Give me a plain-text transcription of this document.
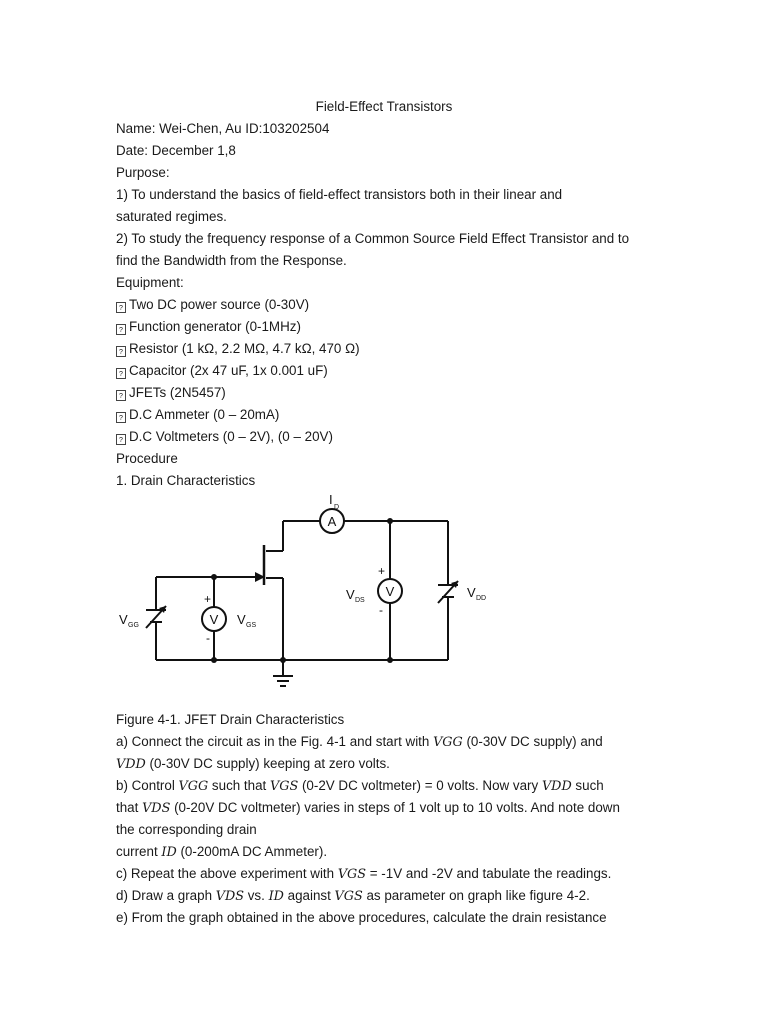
Field-Effect Transistors
Name: Wei-Chen, Au ID:103202504
Date: December 1,8
Purpose:
1) To understand the basics of field-effect transistors both in their linear and
saturated regimes.
2) To study the frequency response of a Common Source Field Effect Transistor and to
find the Bandwidth from the Response.
Equipment:
? Two DC power source (0-30V)
? Function generator (0-1MHz)
? Resistor (1 kΩ, 2.2 MΩ, 4.7 kΩ, 470 Ω)
? Capacitor (2x 47 uF, 1x 0.001 uF)
? JFETs (2N5457)
? D.C Ammeter (0 – 20mA)
? D.C Voltmeters (0 – 2V), (0 – 20V)
Procedure
1. Drain Characteristics
A
V
V
I
D
V DS
V DD
V GG	V GS
+
-
+
-
Figure 4-1. JFET Drain Characteristics
a) Connect the circuit as in the Fig. 4-1 and start with VGG (0-30V DC supply) and
VDD (0-30V DC supply) keeping at zero volts.
b) Control VGG such that VGS (0-2V DC voltmeter) = 0 volts. Now vary VDD such
that VDS (0-20V DC voltmeter) varies in steps of 1 volt up to 10 volts. And note down
the corresponding drain
current ID (0-200mA DC Ammeter).
c) Repeat the above experiment with VGS = -1V and -2V and tabulate the readings.
d) Draw a graph VDS vs. ID against VGS as parameter on graph like figure 4-2.
e) From the graph obtained in the above procedures, calculate the drain resistance
